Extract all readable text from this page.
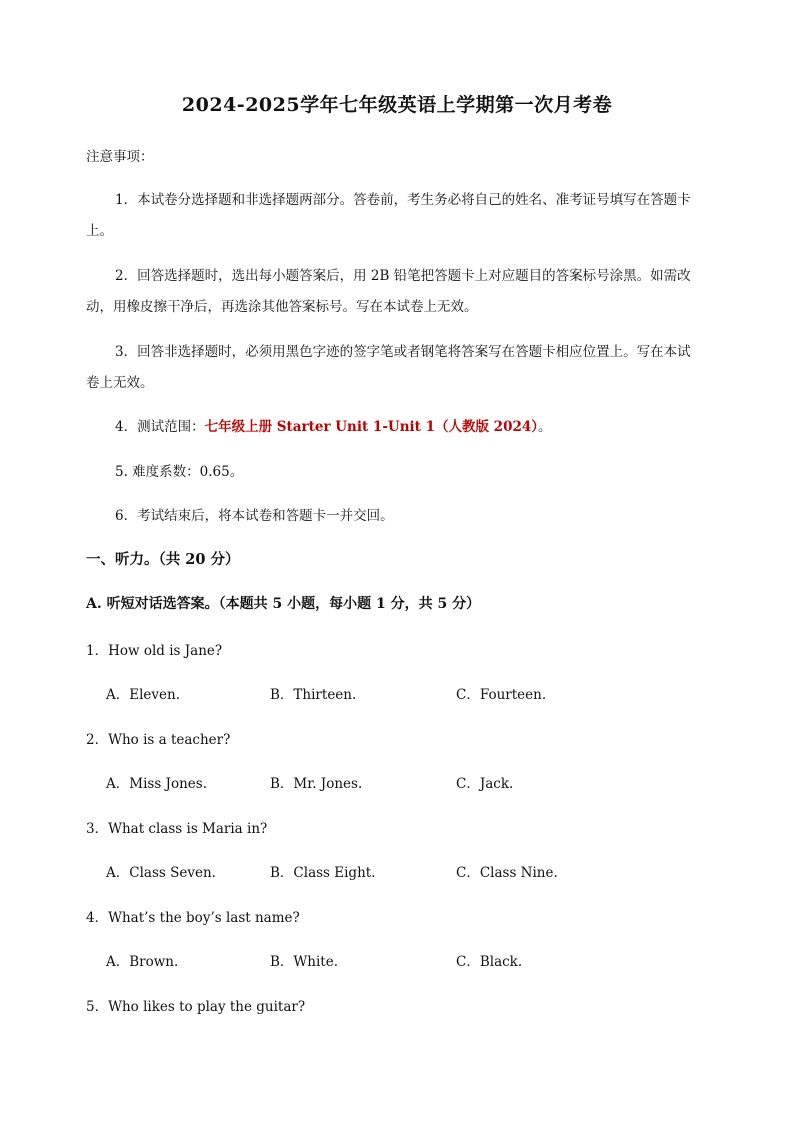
2024-2025学年七年级英语上学期第一次月考卷
注意事项：
1．本试卷分选择题和非选择题两部分。答卷前，考生务必将自己的姓名、准考证号填写在答题卡
上。
2．回答选择题时，选出每小题答案后，用 2B 铅笔把答题卡上对应题目的答案标号涂黑。如需改
动，用橡皮擦干净后，再选涂其他答案标号。写在本试卷上无效。
3．回答非选择题时，必须用黑色字迹的签字笔或者钢笔将答案写在答题卡相应位置上。写在本试
卷上无效。
4．测试范围：七年级上册 Starter Unit 1-Unit 1（人教版 2024）。
5. 难度系数：0.65。
6．考试结束后，将本试卷和答题卡一并交回。
一、听力。（共 20 分）
A. 听短对话选答案。（本题共 5 小题，每小题 1 分，共 5 分）
1．How old is Jane?
A．Eleven.	B．Thirteen.	C．Fourteen.
2．Who is a teacher?
A．Miss Jones.	B．Mr. Jones.	C．Jack.
3．What class is Maria in?
A．Class Seven.	B．Class Eight.	C．Class Nine.
4．What’s the boy’s last name?
A．Brown.	B．White.	C．Black.
5．Who likes to play the guitar?
